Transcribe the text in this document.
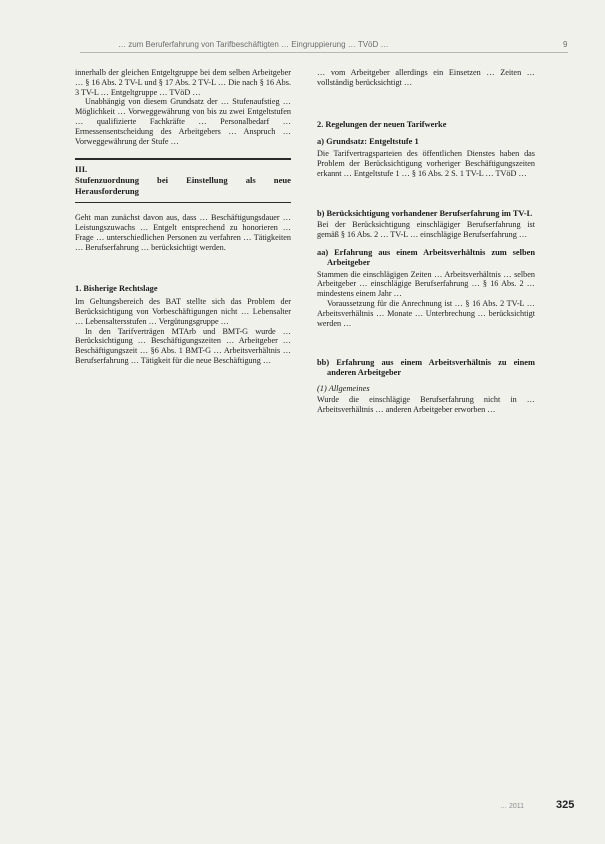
… zum Beruferfahrung von Tarifbeschäftigten … Eingruppierung … TVöD …	9

innerhalb der gleichen Entgeltgruppe bei dem selben Arbeitgeber … § 16 Abs. 2 TV-L und § 17 Abs. 2 TV-L … Die nach § 16 Abs. 3 TV-L … Entgeltgruppe … TVöD …

Unabhängig von diesem Grundsatz der … Stufenaufstieg … Möglichkeit … Vorweggewährung von bis zu zwei Entgeltstufen … qualifizierte Fachkräfte … Personalbedarf … Ermessensentscheidung des Arbeitgebers … Anspruch … Vorweggewährung der Stufe …

III.
Stufenzuordnung bei Einstellung als neue Herausforderung

Geht man zunächst davon aus, dass … Beschäftigungsdauer … Leistungszuwachs … Entgelt entsprechend zu honorieren … Frage … unterschiedlichen Personen zu verfahren … Tätigkeiten … Berufserfahrung … berücksichtigt werden.

1. Bisherige Rechtslage

Im Geltungsbereich des BAT stellte sich das Problem der Berücksichtigung von Vorbeschäftigungen nicht … Lebensalter … Lebensaltersstufen … Vergütungsgruppe …

In den Tarifverträgen MTArb und BMT-G wurde … Berücksichtigung … Beschäftigungszeiten … Arbeitgeber … Beschäftigungszeit … §6 Abs. 1 BMT-G … Arbeitsverhältnis … Berufserfahrung … Tätigkeit für die neue Beschäftigung …

… vom Arbeitgeber allerdings ein Einsetzen … Zeiten … vollständig berücksichtigt …

2. Regelungen der neuen Tarifwerke
a) Grundsatz: Entgeltstufe 1

Die Tarifvertragsparteien des öffentlichen Dienstes haben das Problem der Berücksichtigung vorheriger Beschäftigungszeiten erkannt … Entgeltstufe 1 … § 16 Abs. 2 S. 1 TV-L … TVöD …

b) Berücksichtigung vorhandener Berufserfahrung im TV-L

Bei der Berücksichtigung einschlägiger Berufserfahrung ist gemäß § 16 Abs. 2 … TV-L … einschlägige Berufserfahrung …

aa) Erfahrung aus einem Arbeitsverhältnis zum selben Arbeitgeber

Stammen die einschlägigen Zeiten … Arbeitsverhältnis … selben Arbeitgeber … einschlägige Berufserfahrung … § 16 Abs. 2 … mindestens einem Jahr …

Voraussetzung für die Anrechnung ist … § 16 Abs. 2 TV-L … Arbeitsverhältnis … Monate … Unterbrechung … berücksichtigt werden …

bb) Erfahrung aus einem Arbeitsverhältnis zu einem anderen Arbeitgeber
(1) Allgemeines

Wurde die einschlägige Berufserfahrung nicht in … Arbeitsverhältnis … anderen Arbeitgeber erworben …

… 2011	325
